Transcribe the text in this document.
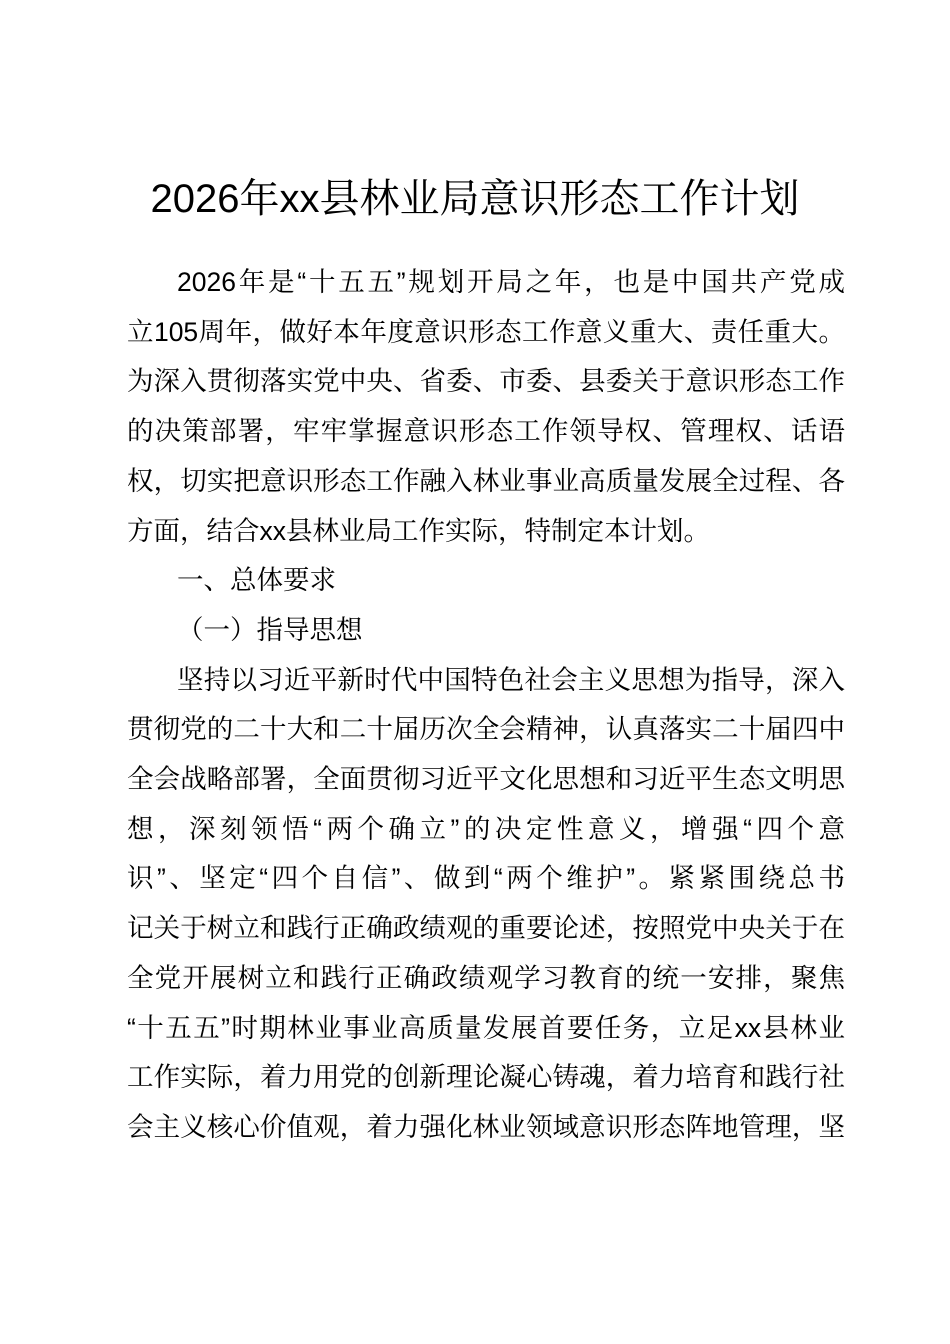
2026年xx县林业局意识形态工作计划
2026年是“十五五”规划开局之年，也是中国共产党成
立105周年，做好本年度意识形态工作意义重大、责任重大。
为深入贯彻落实党中央、省委、市委、县委关于意识形态工作
的决策部署，牢牢掌握意识形态工作领导权、管理权、话语
权，切实把意识形态工作融入林业事业高质量发展全过程、各
方面，结合xx县林业局工作实际，特制定本计划。
一、总体要求
（一）指导思想
坚持以习近平新时代中国特色社会主义思想为指导，深入
贯彻党的二十大和二十届历次全会精神，认真落实二十届四中
全会战略部署，全面贯彻习近平文化思想和习近平生态文明思
想，深刻领悟“两个确立”的决定性意义，增强“四个意
识”、坚定“四个自信”、做到“两个维护”。紧紧围绕总书
记关于树立和践行正确政绩观的重要论述，按照党中央关于在
全党开展树立和践行正确政绩观学习教育的统一安排，聚焦
“十五五”时期林业事业高质量发展首要任务，立足xx县林业
工作实际，着力用党的创新理论凝心铸魂，着力培育和践行社
会主义核心价值观，着力强化林业领域意识形态阵地管理，坚
